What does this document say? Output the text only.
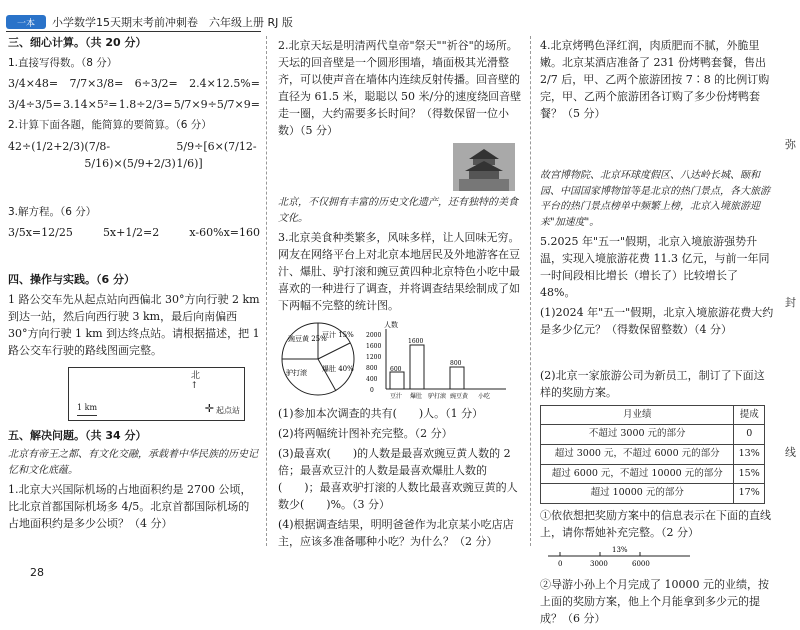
一本	小学数学15天期末考前冲刺卷　六年级上册 RJ 版
三、细心计算。（共 20 分）
1.直接写得数。（8 分）
3/4×48= 7/7×3/8= 6÷3/2= 2.4×12.5%=
3/4÷3/5= 3.14×5²= 1.8÷2/3= 5/7×9÷5/7×9=
2.计算下面各题，能简算的要简算。（6 分）
42÷(1/2+2/3) (7/8-5/16)×(5/9+2/3)
5/9÷[6×(7/12-1/6)]
3.解方程。（6 分）
3/5x=12/25	5x+1/2=2	x-60%x=160
四、操作与实践。（6 分）
1 路公交车先从起点站向西偏北 30°方向行驶 2 km 到达一站，然后向西行驶 3 km，最后向南偏西 30°方向行驶 1 km 到达终点站。请根据描述，把 1 路公交车行驶的路线图画完整。
北
↑
1 km	✛ 起点站
五、解决问题。（共 34 分）
北京有帝王之都、有文化交融，承载着中华民族的历史记忆和文化底蕴。
1.北京大兴国际机场的占地面积约是 2700 公顷，比北京首都国际机场多 4/5。北京首都国际机场的占地面积约是多少公顷？（4 分）
2.北京天坛是明清两代皇帝"祭天""祈谷"的场所。天坛的回音壁是一个圆形围墙，墙面极其光滑整齐，可以使声音在墙体内连续反射传播。回音壁的直径为 61.5 米，聪聪以 50 米/分的速度绕回音壁走一圈，大约需要多长时间？（得数保留一位小数）（5 分）
北京，不仅拥有丰富的历史文化遗产，还有独特的美食文化。
3.北京美食种类繁多，风味多样，让人回味无穷。网友在网络平台上对北京本地居民及外地游客在豆汁、爆肚、驴打滚和豌豆黄四种北京特色小吃中最喜欢的一种进行了调查，并将调查结果绘制成了如下两幅不完整的统计图。
豌豆黄 25%
豆汁 15%
驴打滚 爆肚 40%
人数
2000
1600
1200
800
400
0
600
1600
800
豆汁 爆肚 驴打滚 豌豆黄 小吃
(1)参加本次调查的共有(　　)人。（1 分）
(2)将两幅统计图补充完整。（2 分）
(3)最喜欢(　　)的人数是最喜欢豌豆黄人数的 2 倍；最喜欢豆汁的人数是最喜欢爆肚人数的(　　)；最喜欢驴打滚的人数比最喜欢豌豆黄的人数少(　　)%。（3 分）
(4)根据调查结果，明明爸爸作为北京某小吃店店主，应该多准备哪种小吃？为什么？（2 分）
4.北京烤鸭色泽红润，肉质肥而不腻，外脆里嫩。北京某酒店准备了 231 份烤鸭套餐，售出 2/7 后，甲、乙两个旅游团按 7∶8 的比例订购完，甲、乙两个旅游团各订购了多少份烤鸭套餐？（5 分）
故宫博物院、北京环球度假区、八达岭长城、颐和园、中国国家博物馆等是北京的热门景点，各大旅游平台的热门景点榜单中频繁上榜，北京入境旅游迎来"加速度"。
5.2025 年"五一"假期，北京入境旅游强势升温，实现入境旅游花费 11.3 亿元，与前一年同一时间段相比增长（增长了）比较增长了 48%。
(1)2024 年"五一"假期，北京入境旅游花费大约是多少亿元？（得数保留整数）（4 分）
(2)北京一家旅游公司为新员工，制订了下面这样的奖励方案。
月业绩	提成
不超过 3000 元的部分	0
超过 3000 元，不超过 6000 元的部分	13%
超过 6000 元，不超过 10000 元的部分	15%
超过 10000 元的部分	17%
①依依想把奖励方案中的信息表示在下面的直线上，请你帮她补充完整。（2 分）
0	3000	6000
13%
②导游小孙上个月完成了 10000 元的业绩，按上面的奖励方案，他上个月能拿到多少元的提成？（6 分）
弥
封
线
28
